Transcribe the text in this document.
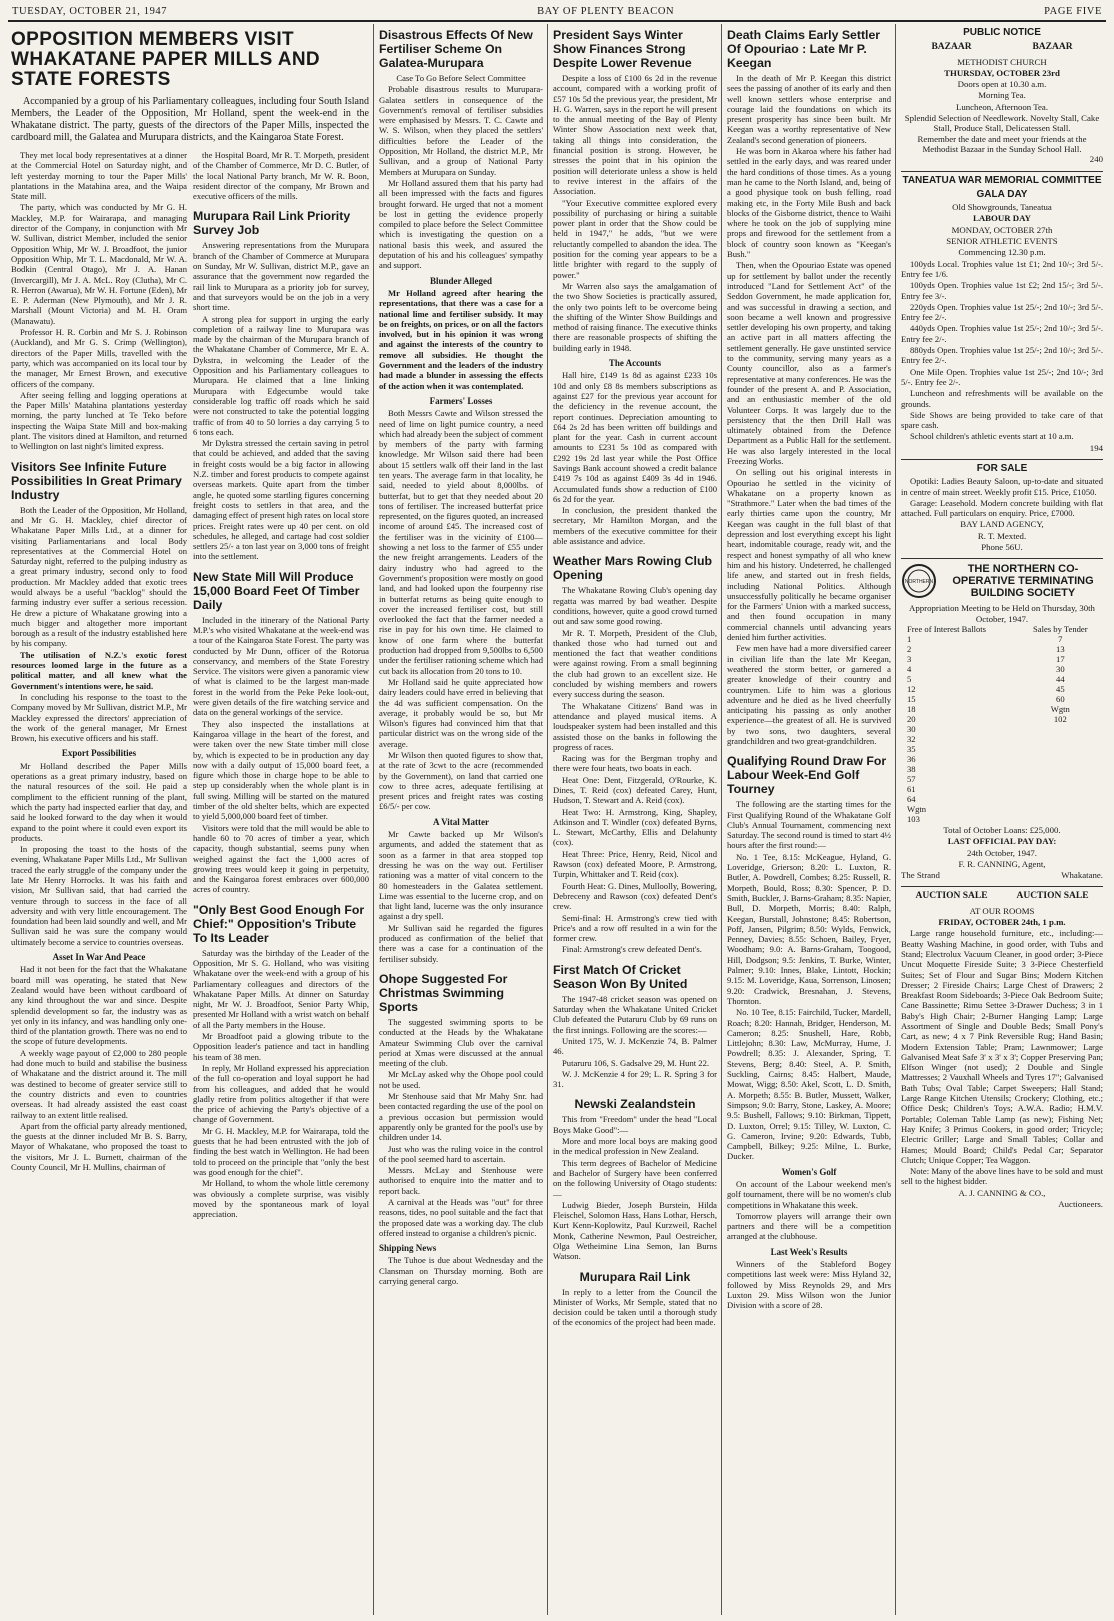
TUESDAY, OCTOBER 21, 1947	BAY OF PLENTY BEACON	PAGE FIVE
OPPOSITION MEMBERS VISIT WHAKATANE PAPER MILLS AND STATE FORESTS

Accompanied by a group of his Parliamentary colleagues, including four South Island Members, the Leader of the Opposition, Mr Holland, spent the week-end in the Whakatane district. The party, guests of the directors of the Paper Mills, inspected the cardboard mill, the Galatea and Murupara districts, and the Kaingaroa State Forest.

They met local body representatives at a dinner at the Commercial Hotel on Saturday night, and left yesterday morning to tour the Paper Mills' plantations in the Matahina area, and the Waipa State mill.

The party, which was conducted by Mr G. H. Mackley, M.P. for Wairarapa, and managing director of the Company, in conjunction with Mr W. Sullivan, district Member, included the senior Opposition Whip, Mr W. J. Broadfoot, the junior Opposition Whip, Mr T. L. Macdonald, Mr W. A. Bodkin (Central Otago), Mr J. A. Hanan (Invercargill), Mr J. A. McL. Roy (Clutha), Mr C. R. Herron (Awarua), Mr W. H. Fortune (Eden), Mr E. P. Aderman (New Plymouth), and Mr J. R. Marshall (Mount Victoria) and M. H. Oram (Manawatu).

Professor H. R. Corbin and Mr S. J. Robinson (Auckland), and Mr G. S. Crimp (Wellington), directors of the Paper Mills, travelled with the party, which was accompanied on its local tour by the manager, Mr Ernest Brown, and executive officers of the company.

After seeing felling and logging operations at the Paper Mills' Matahina plantations yesterday morning, the party lunched at Te Teko before inspecting the Waipa State Mill and box-making plant. The visitors dined at Hamilton, and returned to Wellington on last night's limited express.

Visitors See Infinite Future Possibilities In Great Primary Industry

Both the Leader of the Opposition, Mr Holland, and Mr G. H. Mackley, chief director of Whakatane Paper Mills Ltd., at a dinner for visiting Parliamentarians and local Body representatives at the Commercial Hotel on Saturday night, referred to the pulping industry as a great primary industry, second only to food production. Mr Mackley added that exotic trees would always be a useful "backlog" should the farming industry ever suffer a serious recession. He drew a picture of Whakatane growing into a much bigger and altogether more important borough as a result of the industry established here by his company.

The utilisation of N.Z.'s exotic forest resources loomed large in the future as a political matter, and all knew what the Government's intentions were, he said.

In concluding his response to the toast to the Company moved by Mr Sullivan, district M.P., Mr Mackley expressed the directors' appreciation of the work of the general manager, Mr Ernest Brown, his executive officers and his staff.

Export Possibilities

Mr Holland described the Paper Mills operations as a great primary industry, based on the natural resources of the soil. He paid a compliment to the efficient running of the plant, which the party had inspected earlier that day, and said he looked forward to the day when it would expand to the point where it could even export its products.

In proposing the toast to the hosts of the evening, Whakatane Paper Mills Ltd., Mr Sullivan traced the early struggle of the company under the late Mr Henry Horrocks. It was his faith and vision, Mr Sullivan said, that had carried the venture through to success in the face of all adversity and with very little encouragement. The foundation had been laid soundly and well, and Mr Sullivan said he was sure the company would ultimately become a service to countries overseas.

Asset In War And Peace

Had it not been for the fact that the Whakatane board mill was operating, he stated that New Zealand would have been without cardboard of any kind throughout the war and since. Despite splendid development so far, the industry was as yet only in its infancy, and was handling only one-third of the plantation growth. There was no end to the scope of future developments.

A weekly wage payout of £2,000 to 280 people had done much to build and stabilise the business of Whakatane and the district around it. The mill was destined to become of greater service still to the country districts and even to countries overseas. It had already assisted the east coast railway to an extent little realised.

Apart from the official party already mentioned, the guests at the dinner included Mr B. S. Barry, Mayor of Whakatane, who proposed the toast to the visitors, Mr J. L. Burnett, chairman of the County Council, Mr H. Mullins, chairman of

the Hospital Board, Mr R. T. Morpeth, president of the Chamber of Commerce, Mr D. C. Butler, of the local National Party branch, Mr W. R. Boon, resident director of the company, Mr Brown and executive officers of the mills.

Murupara Rail Link Priority Survey Job

Answering representations from the Murupara branch of the Chamber of Commerce at Murupara on Sunday, Mr W. Sullivan, district M.P., gave an assurance that the government now regarded the rail link to Murupara as a priority job for survey, and that surveyors would be on the job in a very short time.

A strong plea for support in urging the early completion of a railway line to Murupara was made by the chairman of the Murupara branch of the Whakatane Chamber of Commerce, Mr E. A. Dykstra, in welcoming the Leader of the Opposition and his Parliamentary colleagues to Murupara. He claimed that a line linking Murupara with Edgecumbe would take considerable log traffic off roads which he said were not constructed to take the potential logging traffic of from 40 to 50 lorries a day carrying 5 to 6 tons each.

Mr Dykstra stressed the certain saving in petrol that could be achieved, and added that the saving in freight costs would be a big factor in allowing N.Z. timber and forest products to compete against overseas markets. Quite apart from the timber angle, he quoted some startling figures concerning freight costs to settlers in that area, and the damaging effect of present high rates on local store prices. Freight rates were up 40 per cent. on old schedules, he alleged, and cartage had cost soldier settlers 25/- a ton last year on 3,000 tons of freight into the settlement.

New State Mill Will Produce 15,000 Board Feet Of Timber Daily

Included in the itinerary of the National Party M.P.'s who visited Whakatane at the week-end was a tour of the Kaingaroa State Forest. The party was conducted by Mr Dunn, officer of the Rotorua conservancy, and members of the State Forestry Service. The visitors were given a panoramic view of what is claimed to be the largest man-made forest in the world from the Peke Peke look-out, were given details of the fire watching service and data on the general workings of the service.

They also inspected the installations at Kaingaroa village in the heart of the forest, and were taken over the new State timber mill close by, which is expected to be in production any day now with a daily output of 15,000 board feet, a figure which those in charge hope to be able to step up considerably when the whole plant is in full swing. Milling will be started on the matured timber of the old shelter belts, which are expected to yield 5,000,000 board feet of timber.

Visitors were told that the mill would be able to handle 60 to 70 acres of timber a year, which capacity, though substantial, seems puny when weighed against the fact the 1,000 acres of growing trees would keep it going in perpetuity, and the Kaingaroa forest embraces over 600,000 acres of country.

"Only Best Good Enough For Chief:" Opposition's Tribute To Its Leader

Saturday was the birthday of the Leader of the Opposition, Mr S. G. Holland, who was visiting Whakatane over the week-end with a group of his Parliamentary colleagues and directors of the Whakatane Paper Mills. At dinner on Saturday night, Mr W. J. Broadfoot, Senior Party Whip, presented Mr Holland with a wrist watch on behalf of all the Party members in the House.

Mr Broadfoot paid a glowing tribute to the Opposition leader's patience and tact in handling his team of 38 men.

In reply, Mr Holland expressed his appreciation of the full co-operation and loyal support he had from his colleagues, and added that he would gladly retire from politics altogether if that were the price of achieving the Party's objective of a change of Government.

Mr G. H. Mackley, M.P. for Wairarapa, told the guests that he had been entrusted with the job of finding the best watch in Wellington. He had been told to proceed on the principle that "only the best was good enough for the chief".

Mr Holland, to whom the whole little ceremony was obviously a complete surprise, was visibly moved by the spontaneous mark of loyal appreciation.

Disastrous Effects Of New Fertiliser Scheme On Galatea-Murupara

Case To Go Before Select Committee

Probable disastrous results to Murupara-Galatea settlers in consequence of the Government's removal of fertiliser subsidies were emphasised by Messrs. T. C. Cawte and W. S. Wilson, when they placed the settlers' difficulties before the Leader of the Opposition, Mr Holland, the district M.P., Mr Sullivan, and a group of National Party Members at Murupara on Sunday.

Mr Holland assured them that his party had all been impressed with the facts and figures brought forward. He urged that not a moment be lost in getting the evidence properly compiled to place before the Select Committee which is investigating the question on a national basis this week, and assured the deputation of his and his colleagues' sympathy and support.

Blunder Alleged

Mr Holland agreed after hearing the representations, that there was a case for a national lime and fertiliser subsidy. It may be on freights, on prices, or on all the factors involved, but in his opinion it was wrong and against the interests of the country to remove all subsidies. He thought the Government and the leaders of the industry had made a blunder in assessing the effects of the action when it was contemplated.

Farmers' Losses

Both Messrs Cawte and Wilson stressed the need of lime on light pumice country, a need which had already been the subject of comment by members of the party with farming knowledge. Mr Wilson said there had been about 15 settlers walk off their land in the last ten years. The average farm in that locality, he said, needed to yield about 8,000lbs. of butterfat, but to get that they needed about 20 tons of fertiliser. The increased butterfat price represented, on the figures quoted, an increased income of around £45. The increased cost of the fertiliser was in the vicinity of £100—showing a net loss to the farmer of £55 under the new freight arrangements. Leaders of the dairy industry who had agreed to the Government's proposition were mostly on good land, and had looked upon the fourpenny rise in butterfat returns as being quite enough to cover the increased fertiliser cost, but still overlooked the fact that the farmer needed a rise in pay for his own time. He claimed to know of one farm where the butterfat production had dropped from 9,500lbs to 6,500 under the fertiliser rationing scheme which had cut back its allocation from 20 tons to 10.

Mr Holland said he quite appreciated how dairy leaders could have erred in believing that the 4d was sufficient compensation. On the average, it probably would be so, but Mr Wilson's figures had convinced him that that particular district was on the wrong side of the average.

Mr Wilson then quoted figures to show that, at the rate of 3cwt to the acre (recommended by the Government), on land that carried one cow to three acres, adequate fertilising at present prices and freight rates was costing £6/5/- per cow.

A Vital Matter

Mr Cawte backed up Mr Wilson's arguments, and added the statement that as soon as a farmer in that area stopped top dressing he was on the way out. Fertiliser rationing was a matter of vital concern to the 80 homesteaders in the Galatea settlement. Lime was essential to the lucerne crop, and on that light land, lucerne was the only insurance against a dry spell.

Mr Sullivan said he regarded the figures produced as confirmation of the belief that there was a case for a continuation of the fertiliser subsidy.

Ohope Suggested For Christmas Swimming Sports

The suggested swimming sports to be conducted at the Heads by the Whakatane Amateur Swimming Club over the carnival period at Xmas were discussed at the annual meeting of the club.

Mr McLay asked why the Ohope pool could not be used.

Mr Stenhouse said that Mr Mahy Snr. had been contacted regarding the use of the pool on a previous occasion but permission would apparently only be granted for the pool's use by children under 14.

Just who was the ruling voice in the control of the pool seemed hard to ascertain.

Messrs. McLay and Stenhouse were authorised to enquire into the matter and to report back.

A carnival at the Heads was "out" for three reasons, tides, no pool suitable and the fact that the proposed date was a working day. The club offered instead to organise a children's picnic.

Shipping News

The Tuhoe is due about Wednesday and the Clansman on Thursday morning. Both are carrying general cargo.

President Says Winter Show Finances Strong Despite Lower Revenue

Despite a loss of £100 6s 2d in the revenue account, compared with a working profit of £57 10s 5d the previous year, the president, Mr H. G. Warren, says in the report he will present to the annual meeting of the Bay of Plenty Winter Show Association next week that, taking all things into consideration, the financial position is strong. However, he stresses the point that in his opinion the position will deteriorate unless a show is held to revive interest in the affairs of the Association.

"Your Executive committee explored every possibility of purchasing or hiring a suitable power plant in order that the Show could be held in 1947," he adds, "but we were reluctantly compelled to abandon the idea. The position for the coming year appears to be a little brighter with regard to the supply of power."

Mr Warren also says the amalgamation of the two Show Societies is practically assured, the only two points left to be overcome being the shifting of the Winter Show Buildings and method of raising finance. The executive thinks there are reasonable prospects of shifting the building early in 1948.

The Accounts

Hall hire, £149 1s 8d as against £233 10s 10d and only £8 8s members subscriptions as against £27 for the previous year account for the deficiency in the revenue account, the report continues. Depreciation amounting to £64 2s 2d has been written off buildings and plant for the year. Cash in current account amounts to £231 5s 10d as compared with £292 19s 2d last year while the Post Office Savings Bank account showed a credit balance £419 7s 10d as against £409 3s 4d in 1946. Accumulated funds show a reduction of £100 6s 2d for the year.

In conclusion, the president thanked the secretary, Mr Hamilton Morgan, and the members of the executive committee for their able assistance and advice.

Weather Mars Rowing Club Opening

The Whakatane Rowing Club's opening day regatta was marred by bad weather. Despite conditions, however, quite a good crowd turned out and saw some good rowing.

Mr R. T. Morpeth, President of the Club, thanked those who had turned out and mentioned the fact that weather conditions were against rowing. From a small beginning the club had grown to an excellent size. He concluded by wishing members and rowers every success during the season.

The Whakatane Citizens' Band was in attendance and played musical items. A loudspeaker system had been installed and this assisted those on the banks in following the progress of races.

Racing was for the Bergman trophy and there were four heats, two boats in each.

Heat One: Dent, Fitzgerald, O'Rourke, K. Dines, T. Reid (cox) defeated Carey, Hunt, Hudson, T. Stewart and A. Reid (cox).

Heat Two: H. Armstrong, King, Shapley, Atkinson and T. Windler (cox) defeated Byrns, L. Stewart, McCarthy, Ellis and Delahunty (cox).

Heat Three: Price, Henry, Reid, Nicol and Rawson (cox) defeated Moore, P. Armstrong, Turpin, Whittaker and T. Reid (cox).

Fourth Heat: G. Dines, Mulloolly, Bowering, Debreceny and Rawson (cox) defeated Dent's crew.

Semi-final: H. Armstrong's crew tied with Price's and a row off resulted in a win for the former crew.

Final: Armstrong's crew defeated Dent's.

First Match Of Cricket Season Won By United

The 1947-48 cricket season was opened on Saturday when the Whakatane United Cricket Club defeated the Putaruru Club by 69 runs on the first innings. Following are the scores:—

United 175, W. J. McKenzie 74, B. Palmer 46.

Putaruru 106, S. Gadsalve 29, M. Hunt 22.

W. J. McKenzie 4 for 29; L. R. Spring 3 for 31.

Newski Zealandstein

This from "Freedom" under the head "Local Boys Make Good":—

More and more local boys are making good in the medical profession in New Zealand.

This term degrees of Bachelor of Medicine and Bachelor of Surgery have been conferred on the following University of Otago students:—

Ludwig Bieder, Joseph Burstein, Hilda Fleischel, Solomon Hass, Hans Lothar, Hersch, Kurt Kenn-Koplowitz, Paul Kurzweil, Rachel Monk, Catherine Newmon, Paul Oestreicher, Olga Wetheimine Lina Semon, Ian Burns Watson.

Murupara Rail Link

In reply to a letter from the Council the Minister of Works, Mr Semple, stated that no decision could be taken until a thorough study of the economics of the project had been made.

Death Claims Early Settler Of Opouriao : Late Mr P. Keegan

In the death of Mr P. Keegan this district sees the passing of another of its early and then well known settlers whose enterprise and courage laid the foundations on which its present prosperity has since been built. Mr Keegan was a worthy representative of New Zealand's second generation of pioneers.

He was born in Akaroa where his father had settled in the early days, and was reared under the hard conditions of those times. As a young man he came to the North Island, and, being of a good physique took on bush felling, road making etc, in the Forty Mile Bush and back blocks of the Gisborne district, thence to Waihi where he took on the job of supplying mine props and firewood for the settlement from a block of country soon known as "Keegan's Bush."

Then, when the Opouriao Estate was opened up for settlement by ballot under the recently introduced "Land for Settlement Act" of the Seddon Government, he made application for, and was successful in drawing a section, and soon became a well known and progressive settler developing his own property, and taking an active part in all matters affecting the settlement generally. He gave unstinted service to the community, serving many years as a County councillor, also as a farmer's representative at many conferences. He was the founder of the present A. and P. Association, and an enthusiastic member of the old Volunteer Corps. It was largely due to the persistency that the then Drill Hall was ultimately obtained from the Defence Department as a Public Hall for the settlement. He was also largely interested in the local Freezing Works.

On selling out his original interests in Opouriao he settled in the vicinity of Whakatane on a property known as "Strathmore." Later when the bad times of the early thirties came upon the country, Mr Keegan was caught in the full blast of that depression and lost everything except his light heart, indomitable courage, ready wit, and the respect and honest sympathy of all who knew him and his history. Undeterred, he challenged life anew, and started out in fresh fields, including National Politics. Although unsuccessfully politically he became organiser for the Farmers' Union with a marked success, and then found occupation in many commercial channels until advancing years denied him further activities.

Few men have had a more diversified career in civilian life than the late Mr Keegan, weathered the storm better, or garnered a greater knowledge of their country and countrymen. Life to him was a glorious adventure and he died as he lived cheerfully anticipating his passing as only another experience—the greatest of all. He is survived by two sons, two daughters, several grandchildren and two great-grandchildren.

Qualifying Round Draw For Labour Week-End Golf Tourney

The following are the starting times for the First Qualifying Round of the Whakatane Golf Club's Annual Tournament, commencing next Saturday. The second round is timed to start 4½ hours after the first round:—

No. 1 Tee, 8.15: McKeague, Hyland, G. Loveridge, Grierson; 8.20: L. Luxton, R. Butler, A. Powdrell, Combes; 8.25: Russell, R. Morpeth, Bould, Ross; 8.30: Spencer, P. D. Smith, Buckler, J. Barns-Graham; 8.35: Napier, Bull, D. Morpeth, Morris; 8.40: Ralph, Keegan, Burstall, Johnstone; 8.45: Robertson, Poff, Jansen, Pilgrim; 8.50: Wylds, Fenwick, Penney, Davies; 8.55: Schoen, Bailey, Fryer, Woodham; 9.0: A. Barns-Graham, Toogood, Hill, Dodgson; 9.5: Jenkins, T. Burke, Winter, Palmer; 9.10: Innes, Blake, Lintott, Hockin; 9.15: M. Loveridge, Kaua, Sorrenson, Linosen; 9.20: Cradwick, Bresnahan, J. Stevens, Thornton.

No. 10 Tee, 8.15: Fairchild, Tucker, Mardell, Roach; 8.20: Hannah, Bridger, Henderson, M. Cameron; 8.25: Snushell, Hare, Robb, Littlejohn; 8.30: Law, McMurray, Hume, J. Powdrell; 8.35: J. Alexander, Spring, T. Stevens, Berg; 8.40: Steel, A. P. Smith, Suckling, Cairns; 8.45: Halbert, Maude, Mowat, Wigg; 8.50: Akel, Scott, L. D. Smith, A. Morpeth; 8.55: B. Butler, Mussett, Walker, Simpson; 9.0: Barry, Stone, Laskey, A. Moore; 9.5: Bushell, Fallows; 9.10: Birkman, Tippett, D. Luxton, Orrel; 9.15: Tilley, W. Luxton, C. G. Cameron, Irvine; 9.20: Edwards, Tubb, Campbell, Bilkey; 9.25: Milne, L. Burke, Ducker.

Women's Golf

On account of the Labour weekend men's golf tournament, there will be no women's club competitions in Whakatane this week.

Tomorrow players will arrange their own partners and there will be a competition arranged at the clubhouse.

Last Week's Results

Winners of the Stableford Bogey competitions last week were: Miss Hyland 32, followed by Miss Reynolds 29, and Mrs Luxton 29. Miss Wilson won the Junior Division with a score of 28.

PUBLIC NOTICE
BAZAAR	BAZAAR
METHODIST CHURCH
THURSDAY, OCTOBER 23rd
Doors open at 10.30 a.m.
Morning Tea.
Luncheon, Afternoon Tea.
Splendid Selection of Needlework. Novelty Stall, Cake Stall, Produce Stall, Delicatessen Stall.
Remember the date and meet your friends at the Methodist Bazaar in the Sunday School Hall.
240
TANEATUA WAR MEMORIAL COMMITTEE
GALA DAY
Old Showgrounds, Taneatua
LABOUR DAY
MONDAY, OCTOBER 27th
SENIOR ATHLETIC EVENTS
Commencing 12.30 p.m.

100yds Local. Trophies value 1st £1; 2nd 10/-; 3rd 5/-. Entry fee 1/6.

100yds Open. Trophies value 1st £2; 2nd 15/-; 3rd 5/-. Entry fee 3/-.

220yds Open. Trophies value 1st 25/-; 2nd 10/-; 3rd 5/-. Entry fee 2/-.

440yds Open. Trophies value 1st 25/-; 2nd 10/-; 3rd 5/-. Entry fee 2/-.

880yds Open. Trophies value 1st 25/-; 2nd 10/-; 3rd 5/-. Entry fee 2/-.

One Mile Open. Trophies value 1st 25/-; 2nd 10/-; 3rd 5/-. Entry fee 2/-.

Luncheon and refreshments will be available on the grounds.

Side Shows are being provided to take care of that spare cash.

School children's athletic events start at 10 a.m.

194
FOR SALE

Opotiki: Ladies Beauty Saloon, up-to-date and situated in centre of main street. Weekly profit £15. Price, £1050.

Garage: Leasehold. Modern concrete building with flat attached. Full particulars on enquiry. Price, £7000.

BAY LAND AGENCY,
R. T. Mexted.
Phone 56U.
NORTHERN
THE NORTHERN CO-OPERATIVE TERMINATING BUILDING SOCIETY
Appropriation Meeting to be Held on Thursday, 30th October, 1947.
Free of Interest Ballots	Sales by Tender
1	7
2	13
3	17
4	30
5	44
12	45
15	60
18	Wgtn
20	102
30	
32	
35	
36	
38	
57	
61	
64	
Wgtn	
103	
Total of October Loans: £25,000.
LAST OFFICIAL PAY DAY:
24th October, 1947.
F. R. CANNING, Agent,
The Strand	Whakatane.
AUCTION SALE	AUCTION SALE
AT OUR ROOMS
FRIDAY, OCTOBER 24th, 1 p.m.

Large range household furniture, etc., including:— Beatty Washing Machine, in good order, with Tubs and Stand; Electrolux Vacuum Cleaner, in good order; 3-Piece Uncut Moquette Fireside Suite; 3 3-Piece Chesterfield Suites; Set of Flour and Sugar Bins; Modern Kitchen Dresser; 2 Fireside Chairs; Large Chest of Drawers; 2 Breakfast Room Sideboards; 3-Piece Oak Bedroom Suite; Cane Bassinette; Rimu Settee 3-Drawer Duchess; 3 in 1 Baby's High Chair; 2-Burner Hanging Lamp; Large Assortment of Single and Double Beds; Small Pony's Cart, as new; 4 x 7 Pink Reversible Rug; Hand Basin; Modern Extension Table; Pram; Lawnmower; Large Galvanised Meat Safe 3' x 3' x 3'; Copper Preserving Pan; Elfson Winger (not used); 2 Double and Single Mattresses; 2 Vauxhall Wheels and Tyres 17"; Galvanised Bath Tubs; Oval Table; Carpet Sweepers; Hall Stand; Large Range Kitchen Utensils; Crockery; Clothing, etc.; Office Desk; Children's Toys; A.W.A. Radio; H.M.V. Portable; Coleman Table Lamp (as new); Fishing Net; Hay Knife; 3 Primus Cookers, in good order; Tricycle; Electric Griller; Large and Small Tables; Collar and Hames; Mould Board; Child's Pedal Car; Separator Clutch; Unique Copper; Tea Waggon.

Note: Many of the above lines have to be sold and must sell to the highest bidder.

A. J. CANNING & CO.,
Auctioneers.
